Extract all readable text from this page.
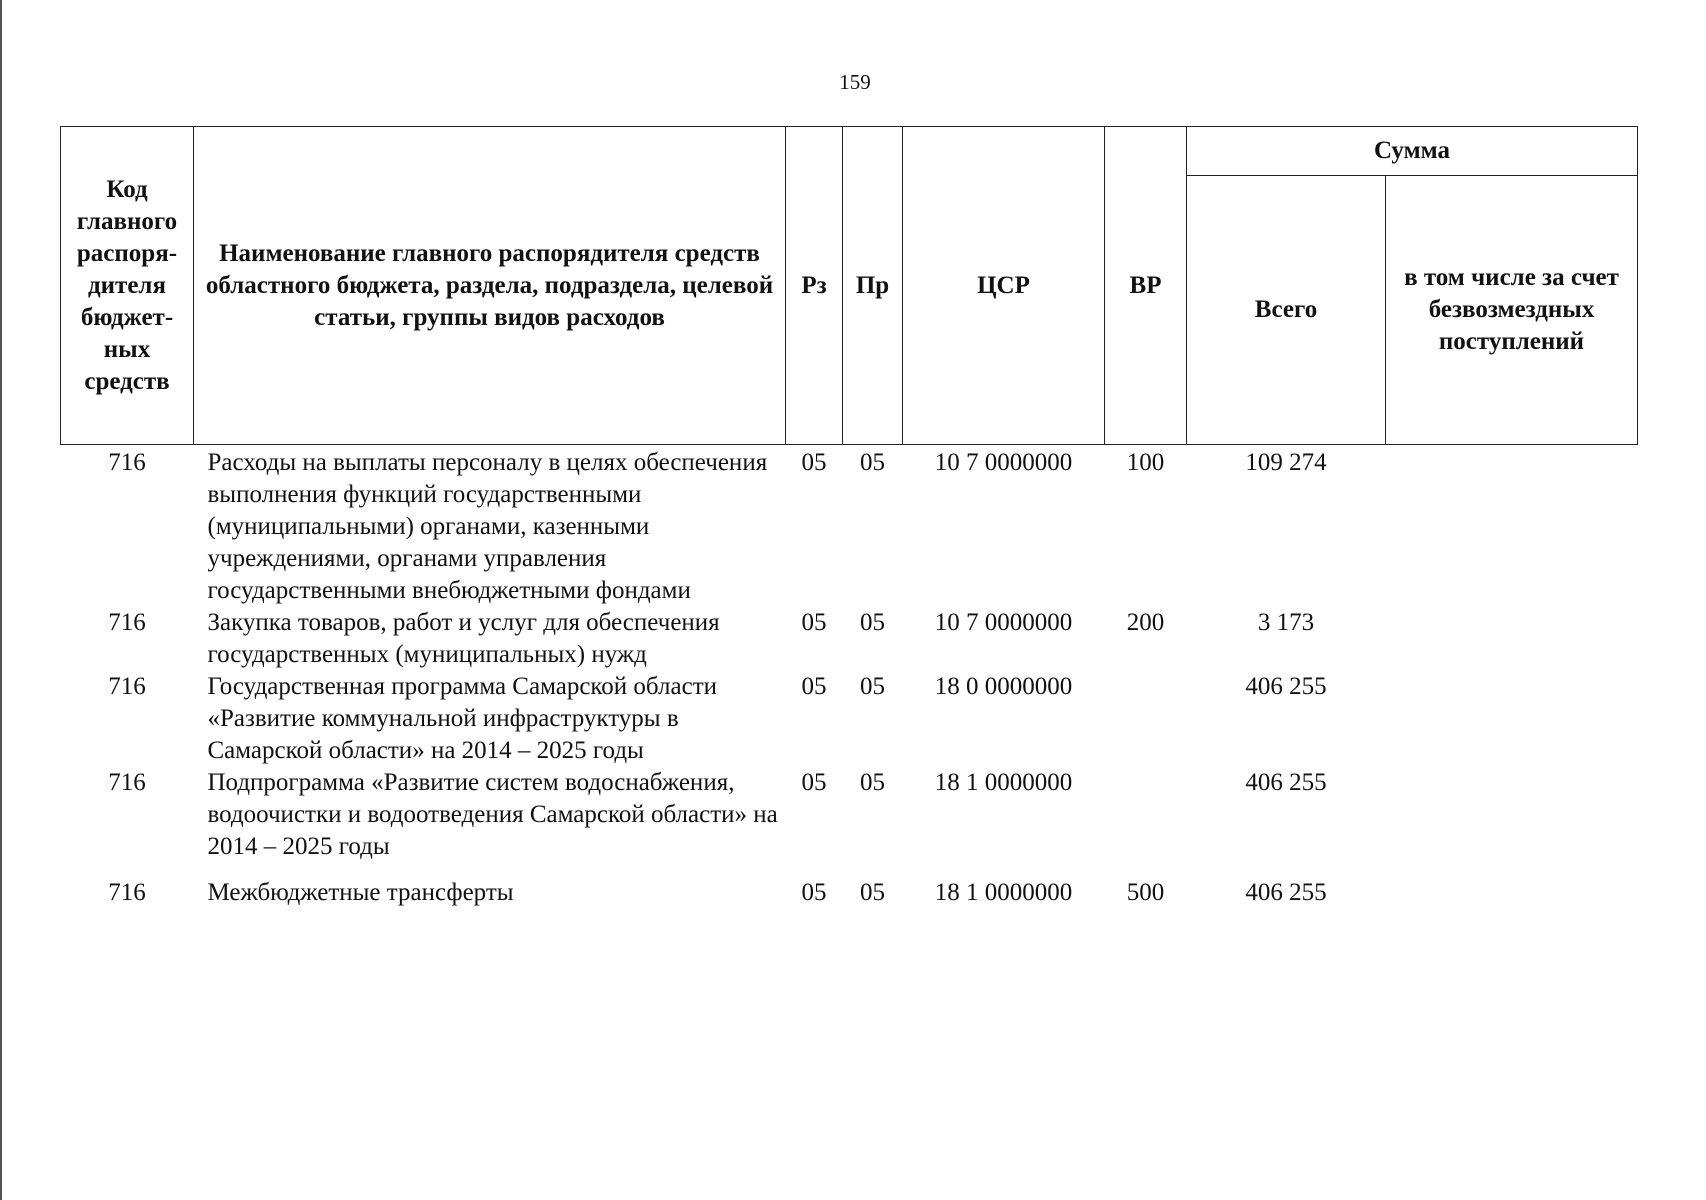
159
Код главного распоря-дителя бюджет-ных средств	Наименование главного распорядителя средств областного бюджета, раздела, подраздела, целевой статьи, группы видов расходов	Рз	Пр	ЦСР	ВР	Сумма	
						Всего	в том числе за счет безвозмездных поступлений
716	Расходы на выплаты персоналу в целях обеспечения выполнения функций государственными (муниципальными) органами, казенными учреждениями, органами управления государственными внебюджетными фондами	05	05	10 7 0000000	100	109 274	
716	Закупка товаров, работ и услуг для обеспечения государственных (муниципальных) нужд	05	05	10 7 0000000	200	3 173	
716	Государственная программа Самарской области «Развитие коммунальной инфраструктуры в Самарской области» на 2014 – 2025 годы	05	05	18 0 0000000		406 255	
716	Подпрограмма «Развитие систем водоснабжения, водоочистки и водоотведения Самарской области» на 2014 – 2025 годы	05	05	18 1 0000000		406 255	
716	Межбюджетные трансферты	05	05	18 1 0000000	500	406 255	
